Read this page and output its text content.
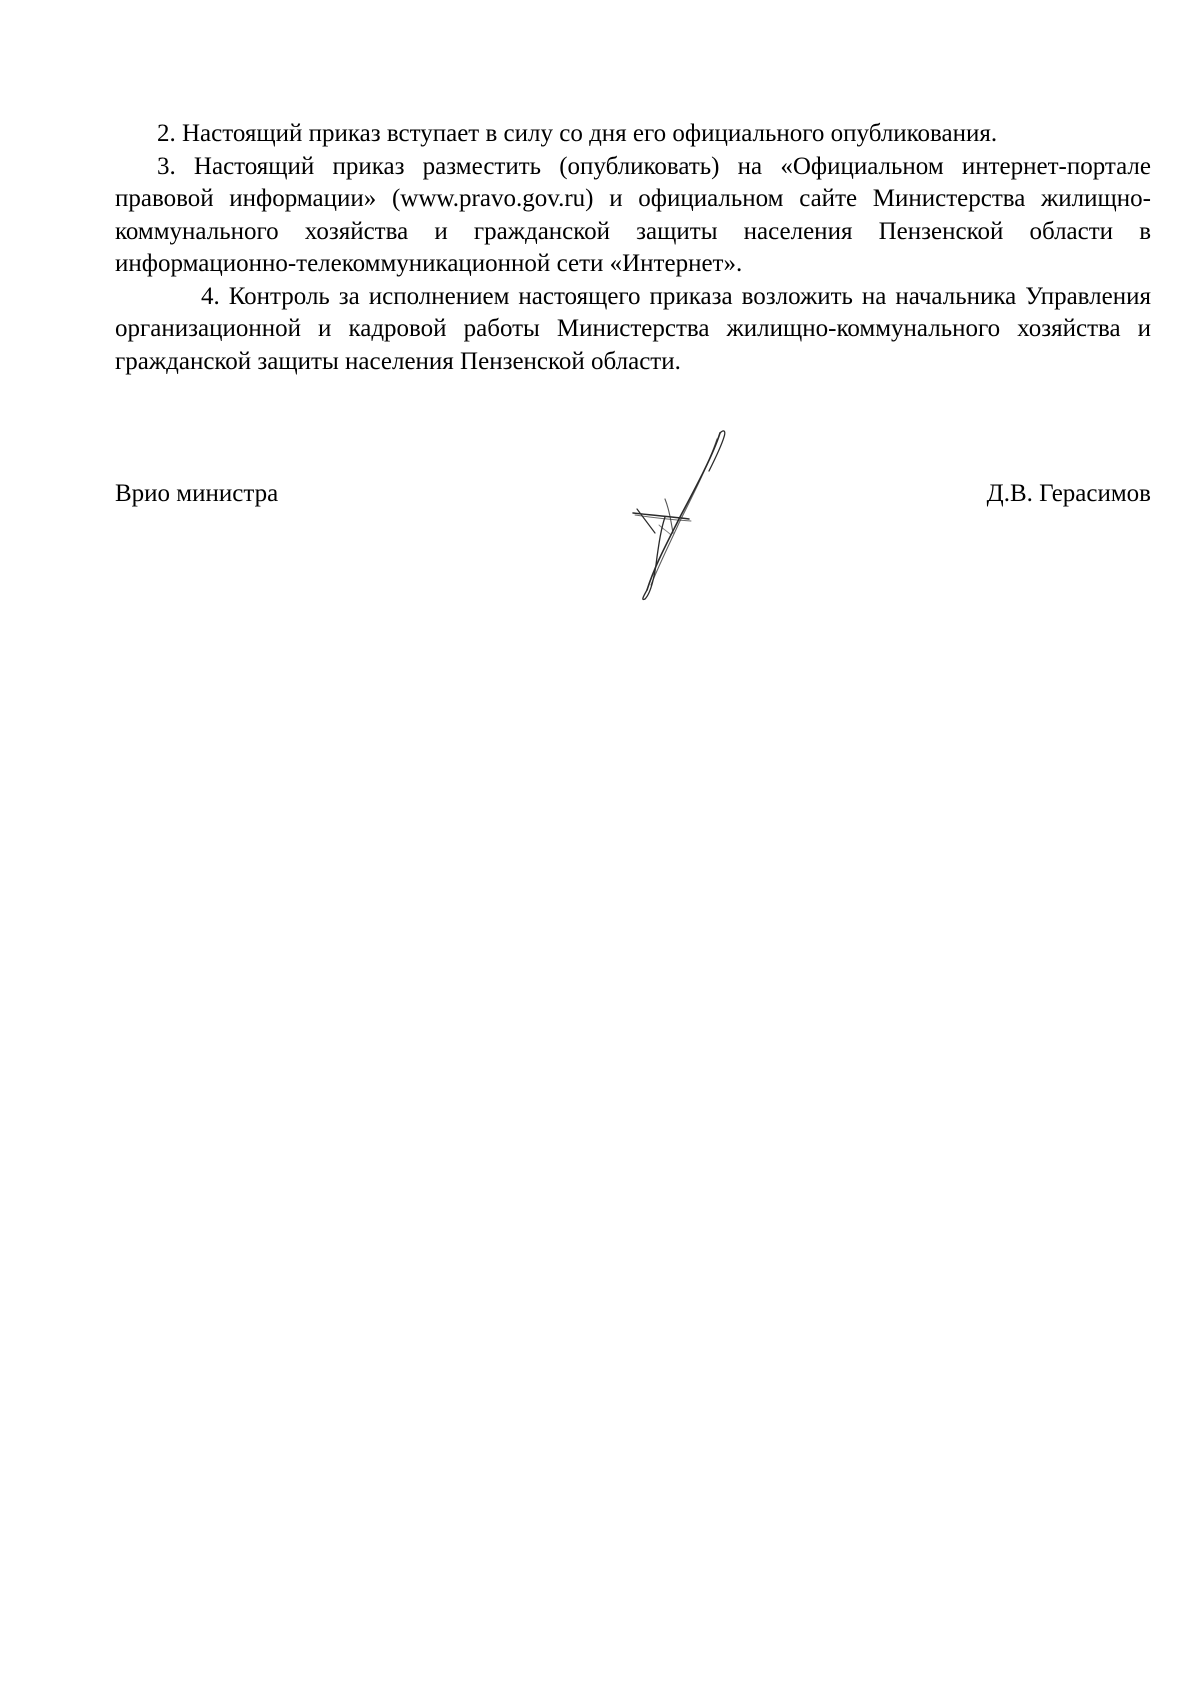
2. Настоящий приказ вступает в силу со дня его официального опубликования.

3. Настоящий приказ разместить (опубликовать) на «Официальном интернет-портале правовой информации» (www.pravo.gov.ru) и официальном сайте Министерства жилищно-коммунального хозяйства и гражданской защиты населения Пензенской области в информационно-телекоммуникационной сети «Интернет».

4. Контроль за исполнением настоящего приказа возложить на начальника Управления организационной и кадровой работы Министерства жилищно-коммунального хозяйства и гражданской защиты населения Пензенской области.

Врио министра	Д.В. Герасимов
